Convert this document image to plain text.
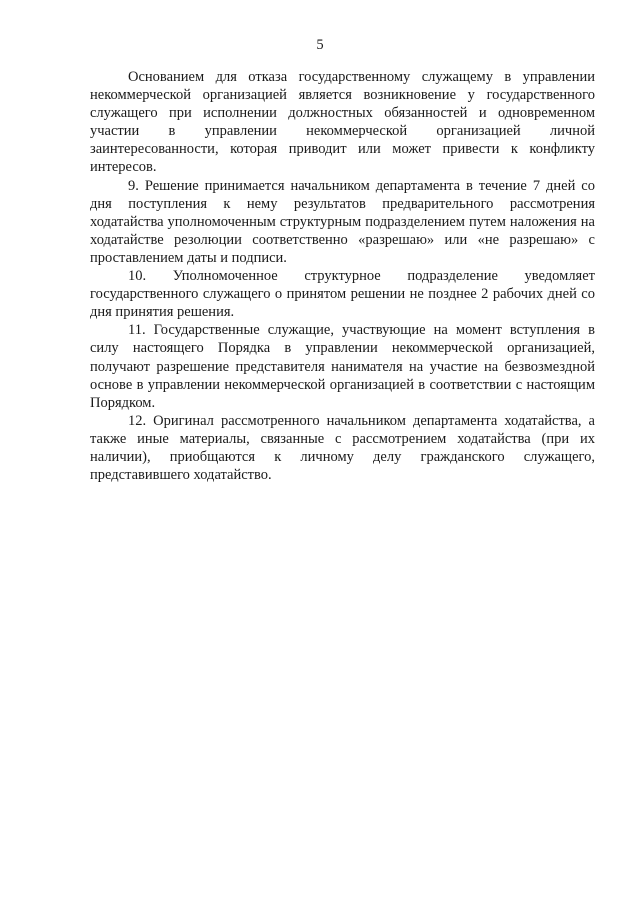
5

Основанием для отказа государственному служащему в управлении некоммерческой организацией является возникновение у государственного служащего при исполнении должностных обязанностей и одновременном участии в управлении некоммерческой организацией личной заинтересованности, которая приводит или может привести к конфликту интересов.

9. Решение принимается начальником департамента в течение 7 дней со дня поступления к нему результатов предварительного рассмотрения ходатайства уполномоченным структурным подразделением путем наложения на ходатайстве резолюции соответственно «разрешаю» или «не разрешаю» с проставлением даты и подписи.

10. Уполномоченное структурное подразделение уведомляет государственного служащего о принятом решении не позднее 2 рабочих дней со дня принятия решения.

11. Государственные служащие, участвующие на момент вступления в силу настоящего Порядка в управлении некоммерческой организацией, получают разрешение представителя нанимателя на участие на безвозмездной основе в управлении некоммерческой организацией в соответствии с настоящим Порядком.

12. Оригинал рассмотренного начальником департамента ходатайства, а также иные материалы, связанные с рассмотрением ходатайства (при их наличии), приобщаются к личному делу гражданского служащего, представившего ходатайство.
